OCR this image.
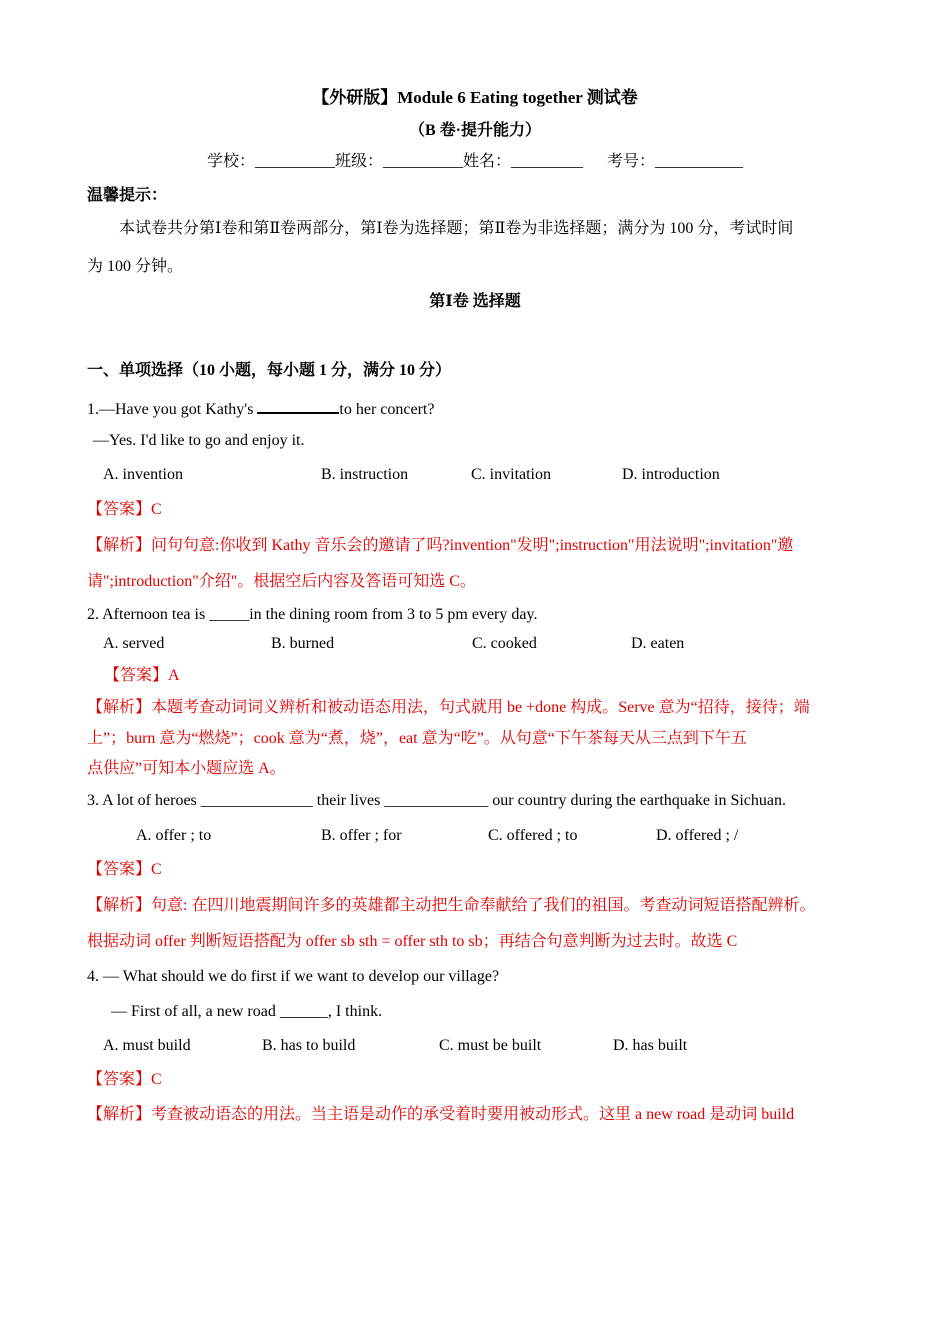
【外研版】Module 6 Eating together 测试卷
（B 卷·提升能力）
学校：__________班级：__________姓名：_________ 考号：___________
温馨提示：
本试卷共分第Ⅰ卷和第Ⅱ卷两部分，第Ⅰ卷为选择题；第Ⅱ卷为非选择题；满分为 100 分，考试时间
为 100 分钟。
第Ⅰ卷 选择题
一、单项选择（10 小题，每小题 1 分，满分 10 分）
1.—Have you got Kathy's	to her concert?
—Yes. I'd like to go and enjoy it.
A. invention	B. instruction	C. invitation	D. introduction
【答案】C
【解析】问句句意:你收到 Kathy 音乐会的邀请了吗?invention"发明";instruction"用法说明";invitation"邀
请";introduction"介绍"。根据空后内容及答语可知选 C。
2. Afternoon tea is _____in the dining room from 3 to 5 pm every day.
A. served	B. burned	C. cooked	D. eaten
【答案】A
【解析】本题考查动词词义辨析和被动语态用法，句式就用 be +done 构成。Serve 意为“招待，接待；端
上”；burn 意为“燃烧”；cook 意为“煮，烧”，eat 意为“吃”。从句意“下午茶每天从三点到下午五
点供应”可知本小题应选 A。
3. A lot of heroes ______________ their lives _____________ our country during the earthquake in Sichuan.
A. offer ; to	B. offer ; for	C. offered ; to	D. offered ; /
【答案】C
【解析】句意: 在四川地震期间许多的英雄都主动把生命奉献给了我们的祖国。考查动词短语搭配辨析。
根据动词 offer 判断短语搭配为 offer sb sth = offer sth to sb；再结合句意判断为过去时。故选 C
4. — What should we do first if we want to develop our village?
— First of all, a new road ______, I think.
A. must build	B. has to build	C. must be built	D. has built
【答案】C
【解析】考查被动语态的用法。当主语是动作的承受着时要用被动形式。这里 a new road 是动词 build
